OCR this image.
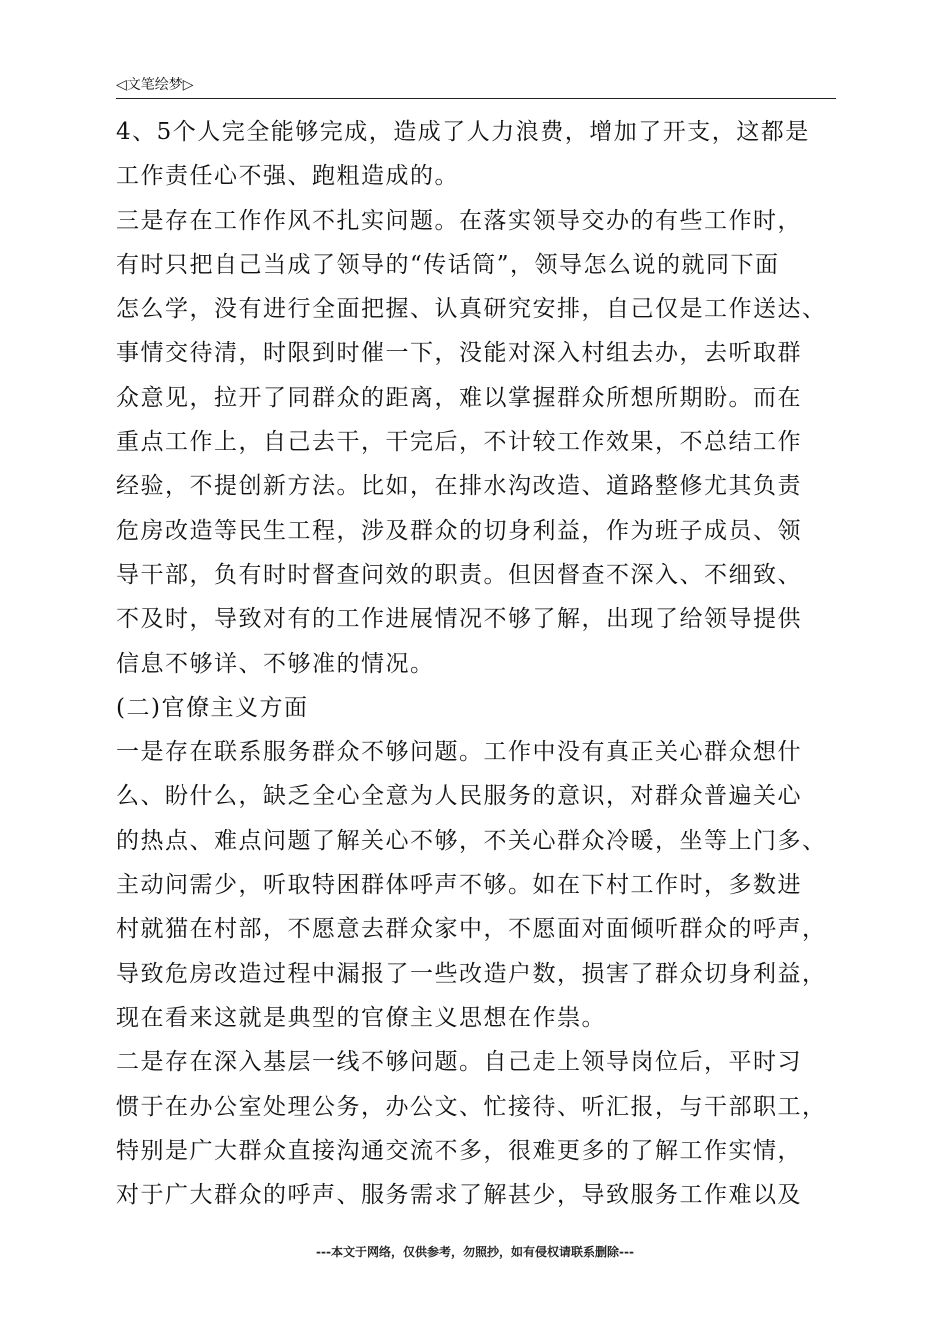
◁文笔绘梦▷
4、5个人完全能够完成，造成了人力浪费，增加了开支，这都是
工作责任心不强、跑粗造成的。
三是存在工作作风不扎实问题。在落实领导交办的有些工作时，
有时只把自己当成了领导的“传话筒”，领导怎么说的就同下面
怎么学，没有进行全面把握、认真研究安排，自己仅是工作送达、
事情交待清，时限到时催一下，没能对深入村组去办，去听取群
众意见，拉开了同群众的距离，难以掌握群众所想所期盼。而在
重点工作上，自己去干，干完后，不计较工作效果，不总结工作
经验，不提创新方法。比如，在排水沟改造、道路整修尤其负责
危房改造等民生工程，涉及群众的切身利益，作为班子成员、领
导干部，负有时时督查问效的职责。但因督查不深入、不细致、
不及时，导致对有的工作进展情况不够了解，出现了给领导提供
信息不够详、不够准的情况。
(二)官僚主义方面
一是存在联系服务群众不够问题。工作中没有真正关心群众想什
么、盼什么，缺乏全心全意为人民服务的意识，对群众普遍关心
的热点、难点问题了解关心不够，不关心群众冷暖，坐等上门多、
主动问需少，听取特困群体呼声不够。如在下村工作时，多数进
村就猫在村部，不愿意去群众家中，不愿面对面倾听群众的呼声，
导致危房改造过程中漏报了一些改造户数，损害了群众切身利益，
现在看来这就是典型的官僚主义思想在作祟。
二是存在深入基层一线不够问题。自己走上领导岗位后，平时习
惯于在办公室处理公务，办公文、忙接待、听汇报，与干部职工，
特别是广大群众直接沟通交流不多，很难更多的了解工作实情，
对于广大群众的呼声、服务需求了解甚少，导致服务工作难以及
---本文于网络，仅供参考，勿照抄，如有侵权请联系删除---
